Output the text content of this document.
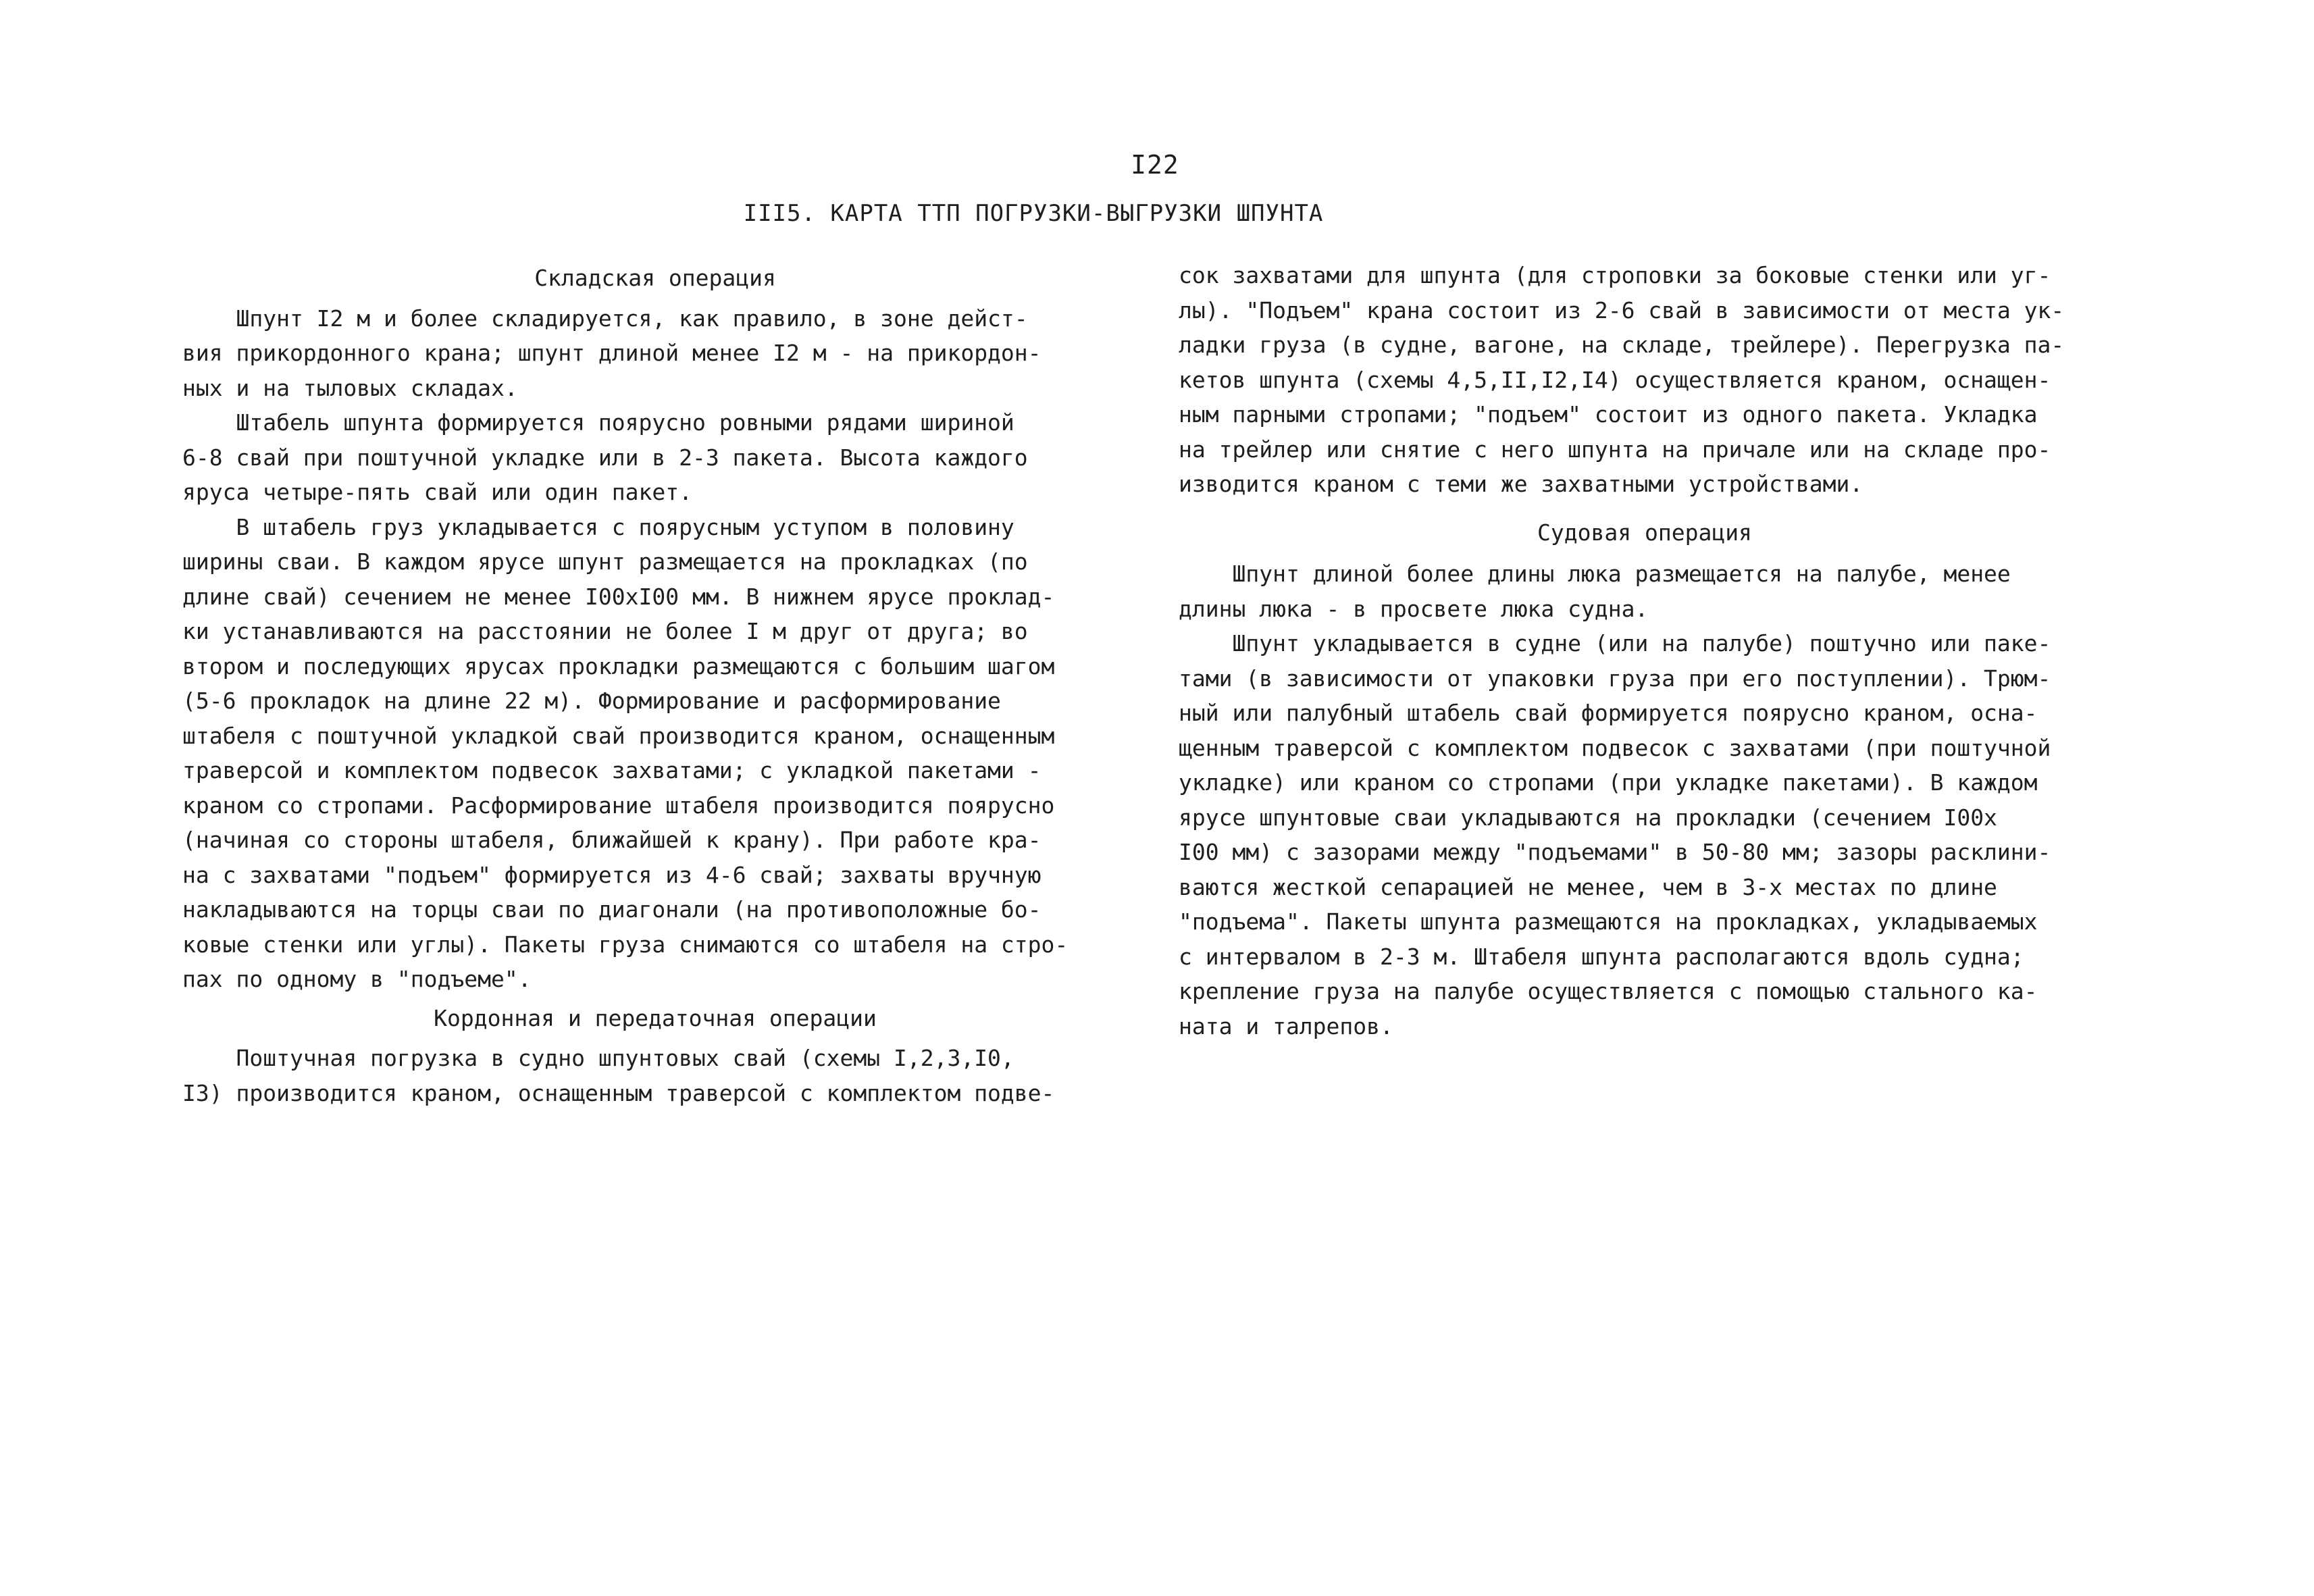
I22
III5. КАРТА ТТП ПОГРУЗКИ-ВЫГРУЗКИ ШПУНТА
Складская операция
Шпунт I2 м и более складируется, как правило, в зоне дейст-
вия прикордонного крана; шпунт длиной менее I2 м - на прикордон-
ных и на тыловых складах.
Штабель шпунта формируется поярусно ровными рядами шириной
6-8 свай при поштучной укладке или в 2-3 пакета. Высота каждого
яруса четыре-пять свай или один пакет.
В штабель груз укладывается с поярусным уступом в половину
ширины сваи. В каждом ярусе шпунт размещается на прокладках (по
длине свай) сечением не менее I00xI00 мм. В нижнем ярусе проклад-
ки устанавливаются на расстоянии не более I м друг от друга; во
втором и последующих ярусах прокладки размещаются с большим шагом
(5-6 прокладок на длине 22 м). Формирование и расформирование
штабеля с поштучной укладкой свай производится краном, оснащенным
траверсой и комплектом подвесок захватами; с укладкой пакетами -
краном со стропами. Расформирование штабеля производится поярусно
(начиная со стороны штабеля, ближайшей к крану). При работе кра-
на с захватами "подъем" формируется из 4-6 свай; захваты вручную
накладываются на торцы сваи по диагонали (на противоположные бо-
ковые стенки или углы). Пакеты груза снимаются со штабеля на стро-
пах по одному в "подъеме".
Кордонная и передаточная операции
Поштучная погрузка в судно шпунтовых свай (схемы I,2,3,I0,
I3) производится краном, оснащенным траверсой с комплектом подве-
сок захватами для шпунта (для строповки за боковые стенки или уг-
лы). "Подъем" крана состоит из 2-6 свай в зависимости от места ук-
ладки груза (в судне, вагоне, на складе, трейлере). Перегрузка па-
кетов шпунта (схемы 4,5,II,I2,I4) осуществляется краном, оснащен-
ным парными стропами; "подъем" состоит из одного пакета. Укладка
на трейлер или снятие с него шпунта на причале или на складе про-
изводится краном с теми же захватными устройствами.
Судовая операция
Шпунт длиной более длины люка размещается на палубе, менее
длины люка - в просвете люка судна.
Шпунт укладывается в судне (или на палубе) поштучно или паке-
тами (в зависимости от упаковки груза при его поступлении). Трюм-
ный или палубный штабель свай формируется поярусно краном, осна-
щенным траверсой с комплектом подвесок с захватами (при поштучной
укладке) или краном со стропами (при укладке пакетами). В каждом
ярусе шпунтовые сваи укладываются на прокладки (сечением I00x
I00 мм) с зазорами между "подъемами" в 50-80 мм; зазоры расклини-
ваются жесткой сепарацией не менее, чем в 3-х местах по длине
"подъема". Пакеты шпунта размещаются на прокладках, укладываемых
с интервалом в 2-3 м. Штабеля шпунта располагаются вдоль судна;
крепление груза на палубе осуществляется с помощью стального ка-
ната и талрепов.
